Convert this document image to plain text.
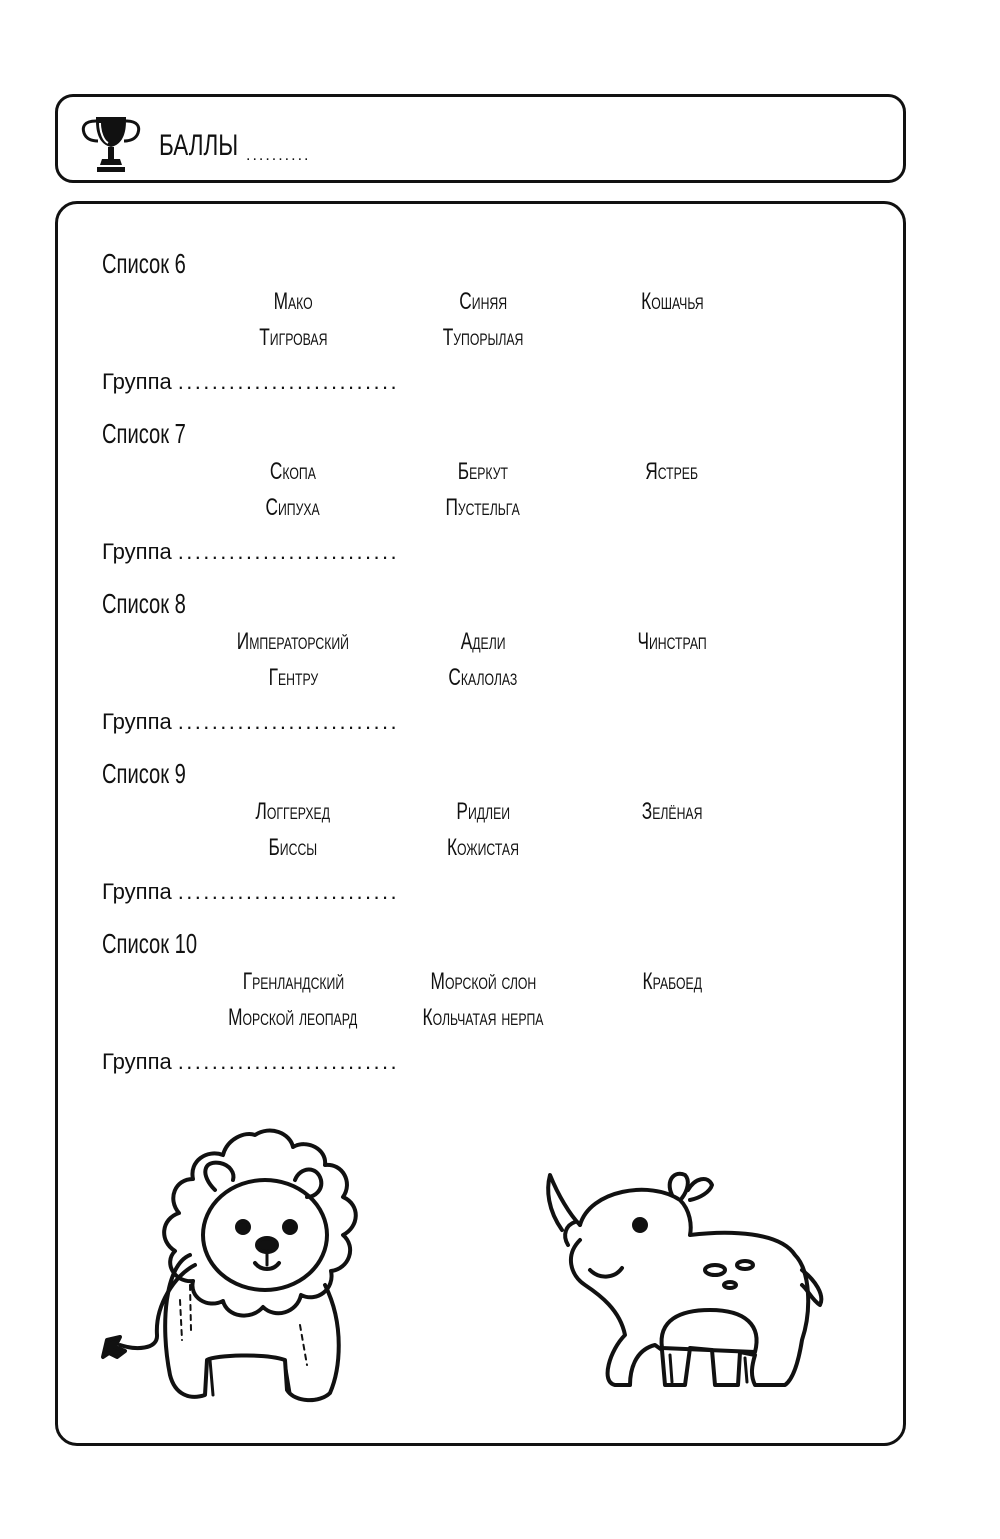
БАЛЛЫ ..........
Список 6
Мако	Синяя	Кошачья
Тигровая	Тупорылая
Группа ..........................
Список 7
Скопа	Беркут	Ястреб
Сипуха	Пустельга
Группа ..........................
Список 8
Императорский	Адели	Чинстрап
Гентру	Скалолаз
Группа ..........................
Список 9
Логгерхед	Ридлеи	Зелёная
Биссы	Кожистая
Группа ..........................
Список 10
Гренландский	Морской слон	Крабоед
Морской леопард	Кольчатая нерпа
Группа ..........................
